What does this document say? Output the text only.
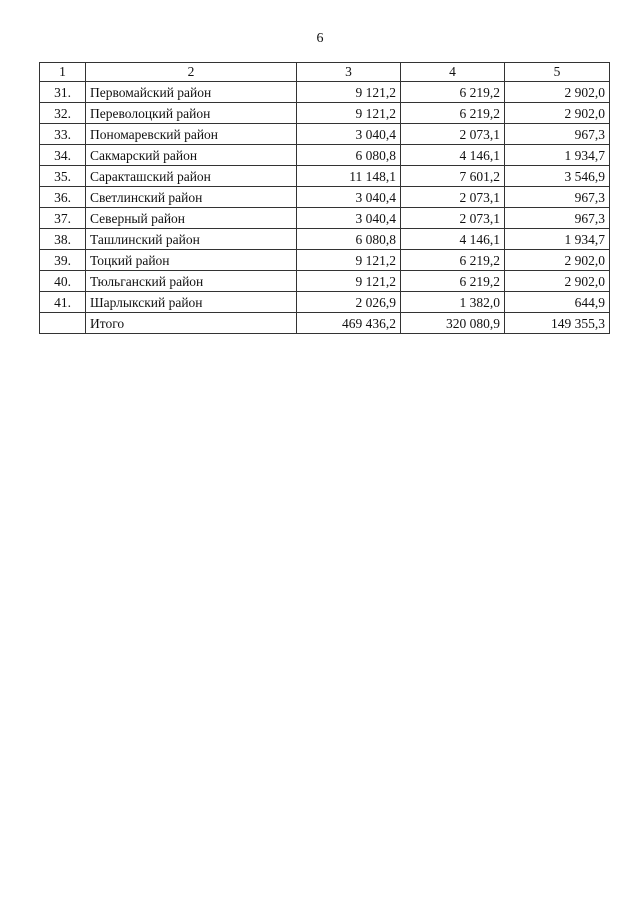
6
1	2	3	4	5
31.	Первомайский район	9 121,2	6 219,2	2 902,0
32.	Переволоцкий район	9 121,2	6 219,2	2 902,0
33.	Пономаревский район	3 040,4	2 073,1	967,3
34.	Сакмарский район	6 080,8	4 146,1	1 934,7
35.	Саракташский район	11 148,1	7 601,2	3 546,9
36.	Светлинский район	3 040,4	2 073,1	967,3
37.	Северный район	3 040,4	2 073,1	967,3
38.	Ташлинский район	6 080,8	4 146,1	1 934,7
39.	Тоцкий район	9 121,2	6 219,2	2 902,0
40.	Тюльганский район	9 121,2	6 219,2	2 902,0
41.	Шарлыкский район	2 026,9	1 382,0	644,9
	Итого	469 436,2	320 080,9	149 355,3
